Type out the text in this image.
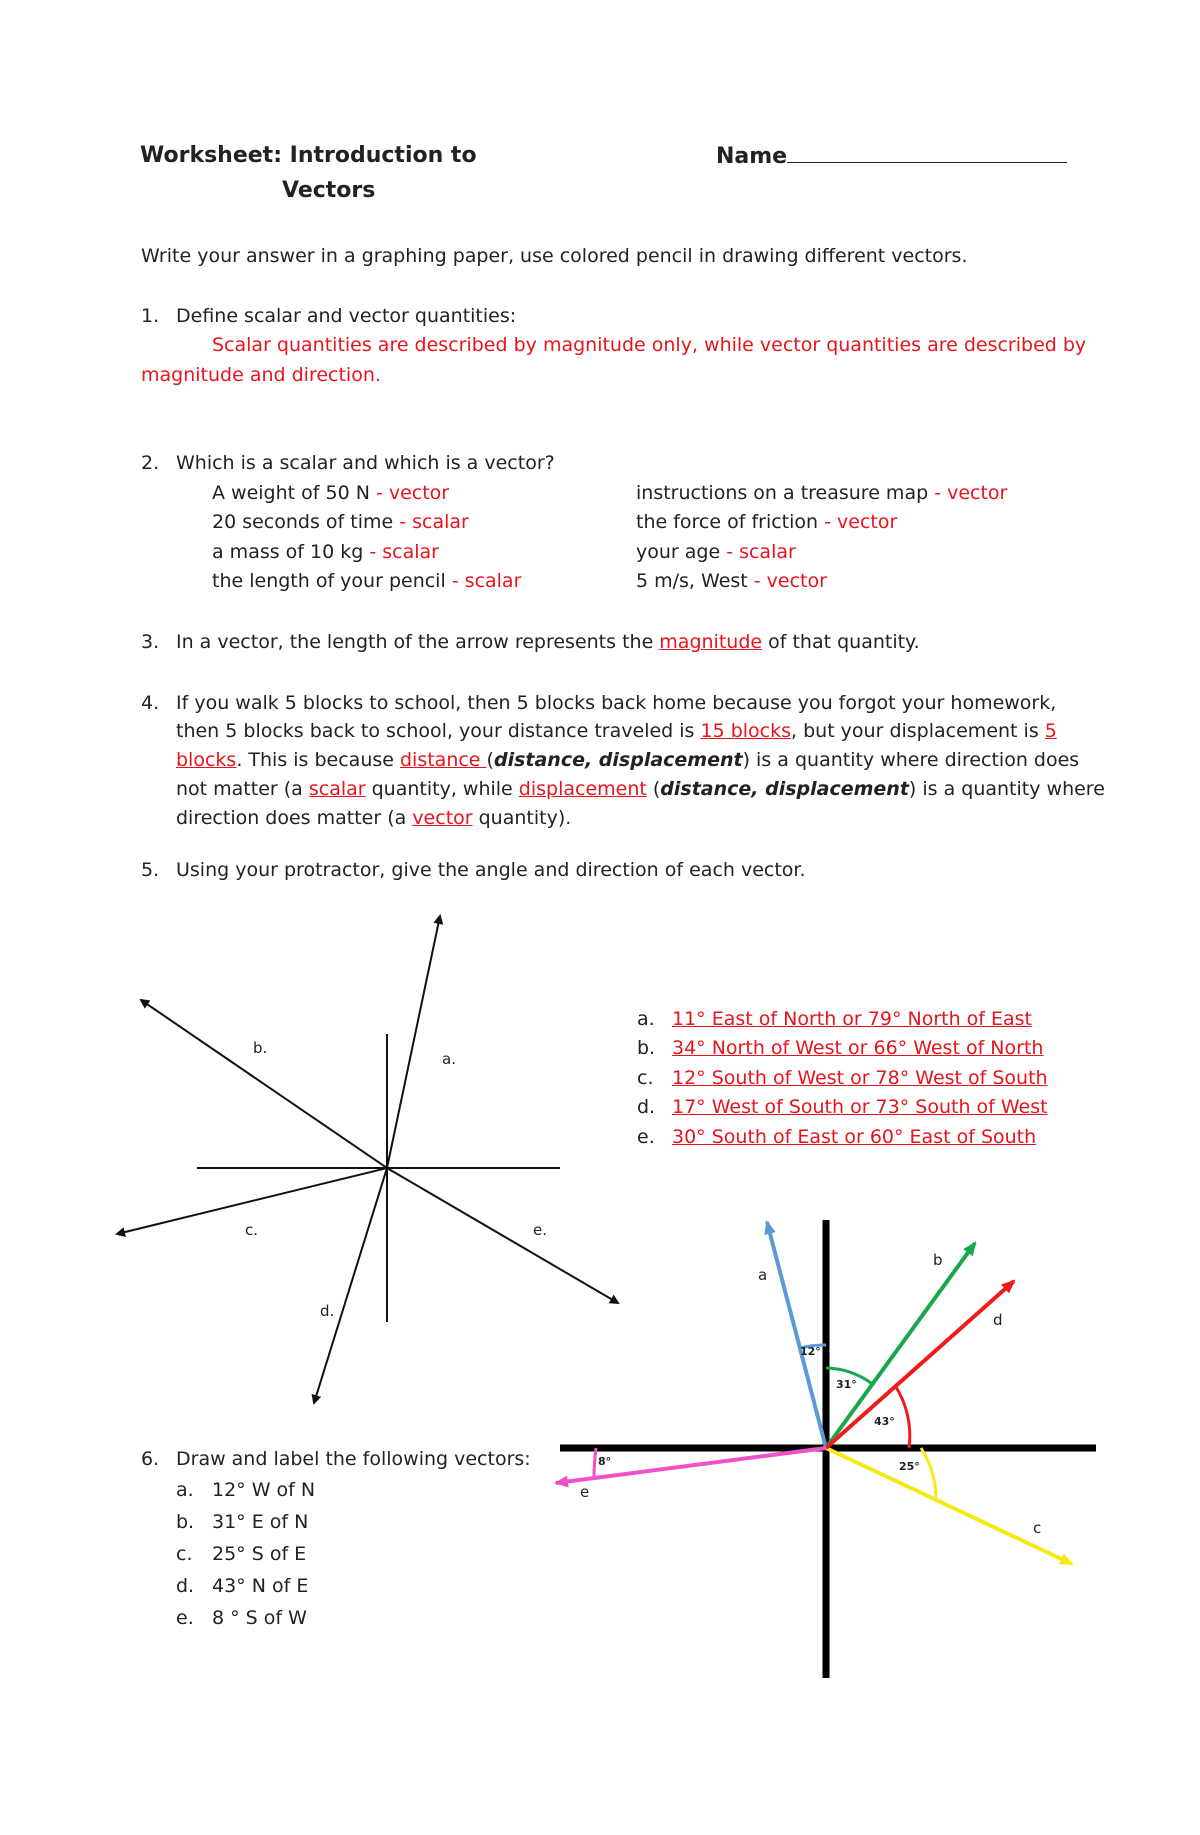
Worksheet: Introduction to
Vectors
Name
Write your answer in a graphing paper, use colored pencil in drawing different vectors.
1. Define scalar and vector quantities:
Scalar quantities are described by magnitude only, while vector quantities are described by
magnitude and direction.
2. Which is a scalar and which is a vector?
A weight of 50 N - vector
20 seconds of time - scalar
a mass of 10 kg - scalar
the length of your pencil - scalar
instructions on a treasure map - vector
the force of friction - vector
your age - scalar
5 m/s, West - vector
3. In a vector, the length of the arrow represents the magnitude of that quantity.
4. If you walk 5 blocks to school, then 5 blocks back home because you forgot your homework,
then 5 blocks back to school, your distance traveled is 15 blocks, but your displacement is 5
blocks. This is because distance (distance, displacement) is a quantity where direction does
not matter (a scalar quantity, while displacement (distance, displacement) is a quantity where
direction does matter (a vector quantity).
5. Using your protractor, give the angle and direction of each vector.
a. 11° East of North or 79° North of East
b. 34° North of West or 66° West of North
c. 12° South of West or 78° West of South
d. 17° West of South or 73° South of West
e. 30° South of East or 60° East of South
6. Draw and label the following vectors:
a. 12° W of N
b. 31° E of N
c. 25° S of E
d. 43° N of E
e. 8 ° S of W
a.
b.
c.
d.
e.
12°
31°
43°
25°
8°
a
b
c
d
e
